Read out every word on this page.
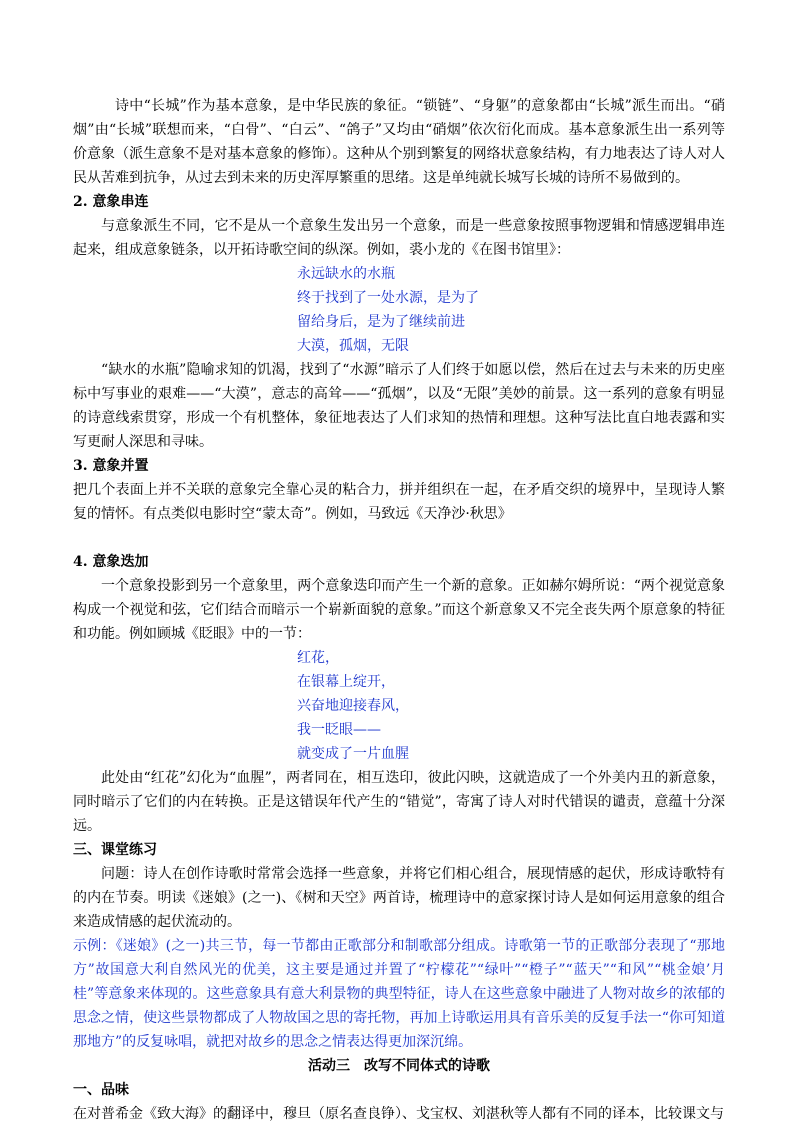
诗中“长城”作为基本意象，是中华民族的象征。“锁链”、“身躯”的意象都由“长城”派生而出。“硝烟”由“长城”联想而来，“白骨”、“白云”、“鸽子”又均由“硝烟”依次衍化而成。基本意象派生出一系列等价意象（派生意象不是对基本意象的修饰）。这种从个别到繁复的网络状意象结构，有力地表达了诗人对人民从苦难到抗争，从过去到未来的历史浑厚繁重的思绪。这是单纯就长城写长城的诗所不易做到的。

2. 意象串连

与意象派生不同，它不是从一个意象生发出另一个意象，而是一些意象按照事物逻辑和情感逻辑串连起来，组成意象链条，以开拓诗歌空间的纵深。例如，裘小龙的《在图书馆里》：

永远缺水的水瓶

终于找到了一处水源，是为了

留给身后，是为了继续前进

大漠，孤烟，无限

“缺水的水瓶”隐喻求知的饥渴，找到了“水源”暗示了人们终于如愿以偿，然后在过去与未来的历史座标中写事业的艰难——“大漠”，意志的高耸——“孤烟”，以及“无限”美妙的前景。这一系列的意象有明显的诗意线索贯穿，形成一个有机整体，象征地表达了人们求知的热情和理想。这种写法比直白地表露和实写更耐人深思和寻味。

3. 意象并置

把几个表面上并不关联的意象完全靠心灵的粘合力，拼并组织在一起，在矛盾交织的境界中，呈现诗人繁复的情怀。有点类似电影时空“蒙太奇”。例如，马致远《天净沙·秋思》

4. 意象迭加

一个意象投影到另一个意象里，两个意象迭印而产生一个新的意象。正如赫尔姆所说：“两个视觉意象构成一个视觉和弦，它们结合而暗示一个崭新面貌的意象。”而这个新意象又不完全丧失两个原意象的特征和功能。例如顾城《眨眼》中的一节：

红花，

在银幕上绽开，

兴奋地迎接春风，

我一眨眼——

就变成了一片血腥

此处由“红花”幻化为“血腥”，两者同在，相互迭印，彼此闪映，这就造成了一个外美内丑的新意象，同时暗示了它们的内在转换。正是这错误年代产生的“错觉”，寄寓了诗人对时代错误的谴责，意蕴十分深远。

三、课堂练习

问题：诗人在创作诗歌时常常会选择一些意象，并将它们相心组合，展现情感的起伏，形成诗歌特有的内在节奏。明读《迷娘》(之一)、《树和天空》两首诗，梳理诗中的意家探讨诗人是如何运用意象的组合来造成情感的起伏流动的。

示例：《迷娘》(之一)共三节，每一节都由正歌部分和制歌部分组成。诗歌第一节的正歌部分表现了“那地方”故国意大利自然风光的优美，这主要是通过并置了“柠檬花”“绿叶”“橙子”“蓝天”“和风”“桃金娘’月桂”等意象来体现的。这些意象具有意大利景物的典型特征，诗人在这些意象中融进了人物对故乡的浓郁的思念之情，使这些景物都成了人物故国之思的寄托物，再加上诗歌运用具有音乐美的反复手法一“你可知道那地方”的反复咏唱，就把对故乡的思念之情表达得更加深沉绵。

活动三　改写不同体式的诗歌

一、品味

在对普希金《致大海》的翻译中，穆旦（原名查良铮）、戈宝权、刘湛秋等人都有不同的译本，比较课文与
